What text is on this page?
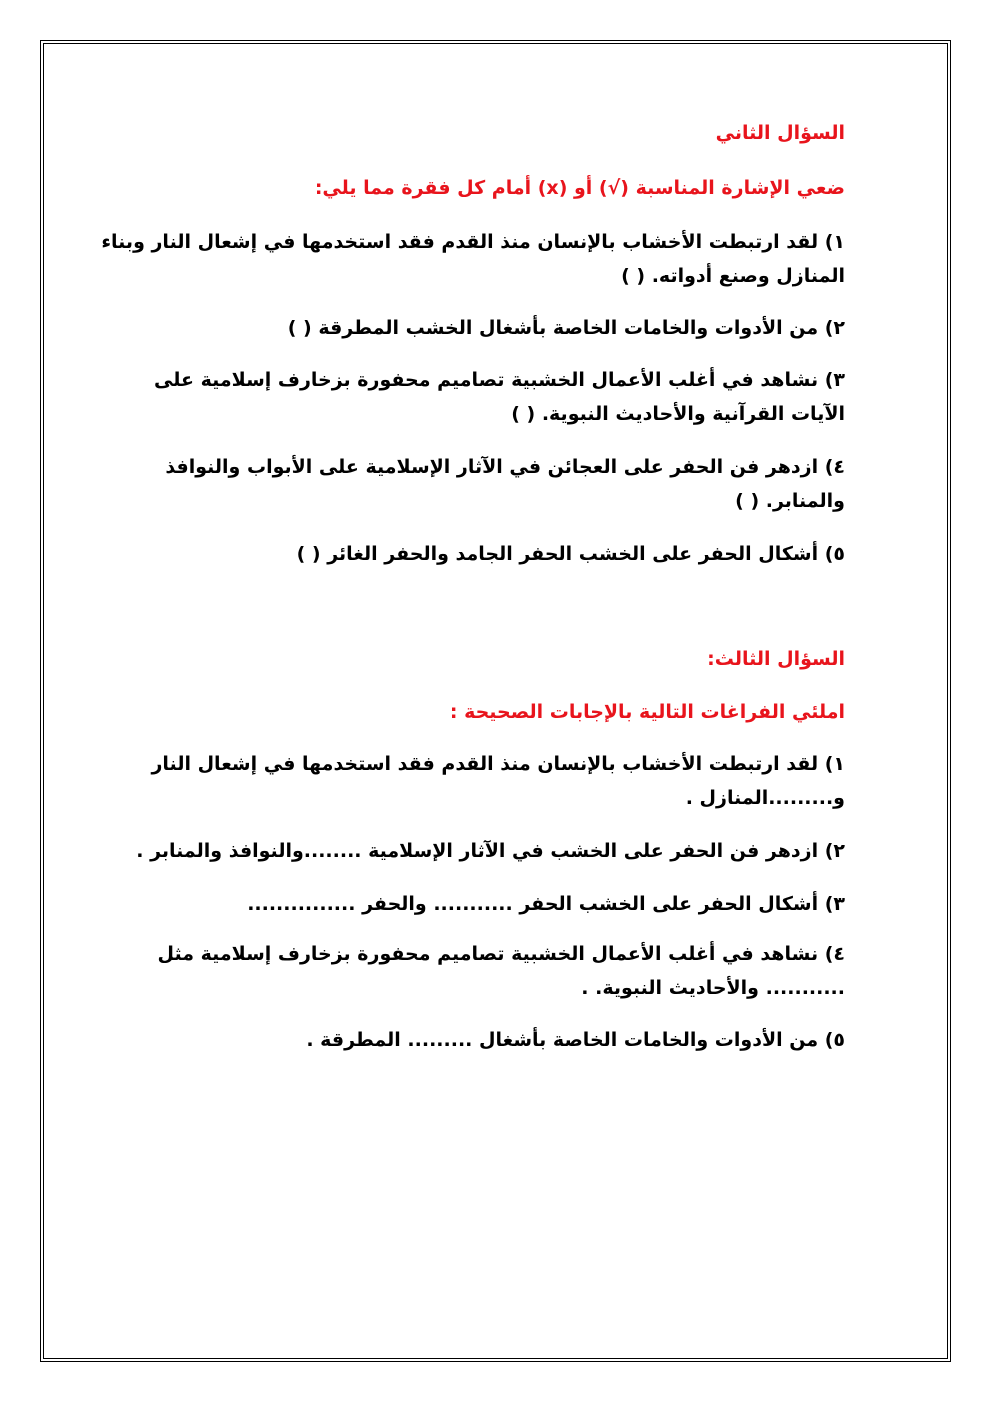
السؤال الثاني
ضعي الإشارة المناسبة (√) أو (x) أمام كل فقرة مما يلي:
١) لقد ارتبطت الأخشاب بالإنسان منذ القدم فقد استخدمها في إشعال النار وبناء
المنازل وصنع أدواته. ( )
٢) من الأدوات والخامات الخاصة بأشغال الخشب المطرقة ( )
٣) نشاهد في أغلب الأعمال الخشبية تصاميم محفورة بزخارف إسلامية على
الآيات القرآنية والأحاديث النبوية. ( )
٤) ازدهر فن الحفر على العجائن في الآثار الإسلامية على الأبواب والنوافذ
والمنابر. ( )
٥) أشكال الحفر على الخشب الحفر الجامد والحفر الغائر ( )
السؤال الثالث:
املئي الفراغات التالية بالإجابات الصحيحة :
١) لقد ارتبطت الأخشاب بالإنسان منذ القدم فقد استخدمها في إشعال النار
و.........المنازل .
٢) ازدهر فن الحفر على الخشب في الآثار الإسلامية ........والنوافذ والمنابر .
٣) أشكال الحفر على الخشب الحفر ........... والحفر ...............
٤) نشاهد في أغلب الأعمال الخشبية تصاميم محفورة بزخارف إسلامية مثل
........... والأحاديث النبوية. .
٥) من الأدوات والخامات الخاصة بأشغال ......... المطرقة .
